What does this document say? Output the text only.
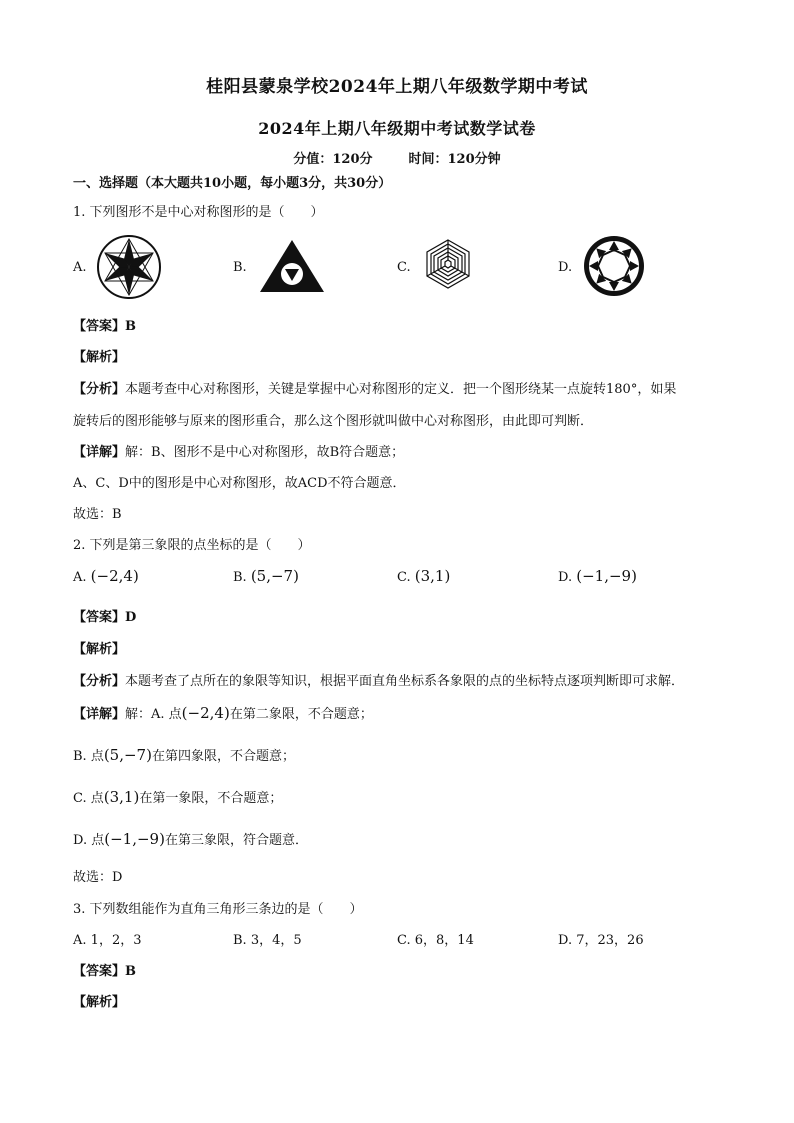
桂阳县蒙泉学校2024年上期八年级数学期中考试
2024年上期八年级期中考试数学试卷
分值：120分	时间：120分钟
一、选择题（本大题共10小题，每小题3分，共30分）
1. 下列图形不是中心对称图形的是（　　）
A.	B.	C.	D.
【答案】B
【解析】
【分析】本题考查中心对称图形，关键是掌握中心对称图形的定义．把一个图形绕某一点旋转180°，如果
旋转后的图形能够与原来的图形重合，那么这个图形就叫做中心对称图形，由此即可判断．
【详解】解：B、图形不是中心对称图形，故B符合题意；
A、C、D中的图形是中心对称图形，故ACD不符合题意．
故选：B
2. 下列是第三象限的点坐标的是（　　）
A. (−2,4)	B. (5,−7)	C. (3,1)	D. (−1,−9)
【答案】D
【解析】
【分析】本题考查了点所在的象限等知识，根据平面直角坐标系各象限的点的坐标特点逐项判断即可求解．
【详解】解：A. 点(−2,4)在第二象限，不合题意；
B. 点(5,−7)在第四象限，不合题意；
C. 点(3,1)在第一象限，不合题意；
D. 点(−1,−9)在第三象限，符合题意．
故选：D
3. 下列数组能作为直角三角形三条边的是（　　）
A. 1，2，3	B. 3，4，5	C. 6，8，14	D. 7，23，26
【答案】B
【解析】
